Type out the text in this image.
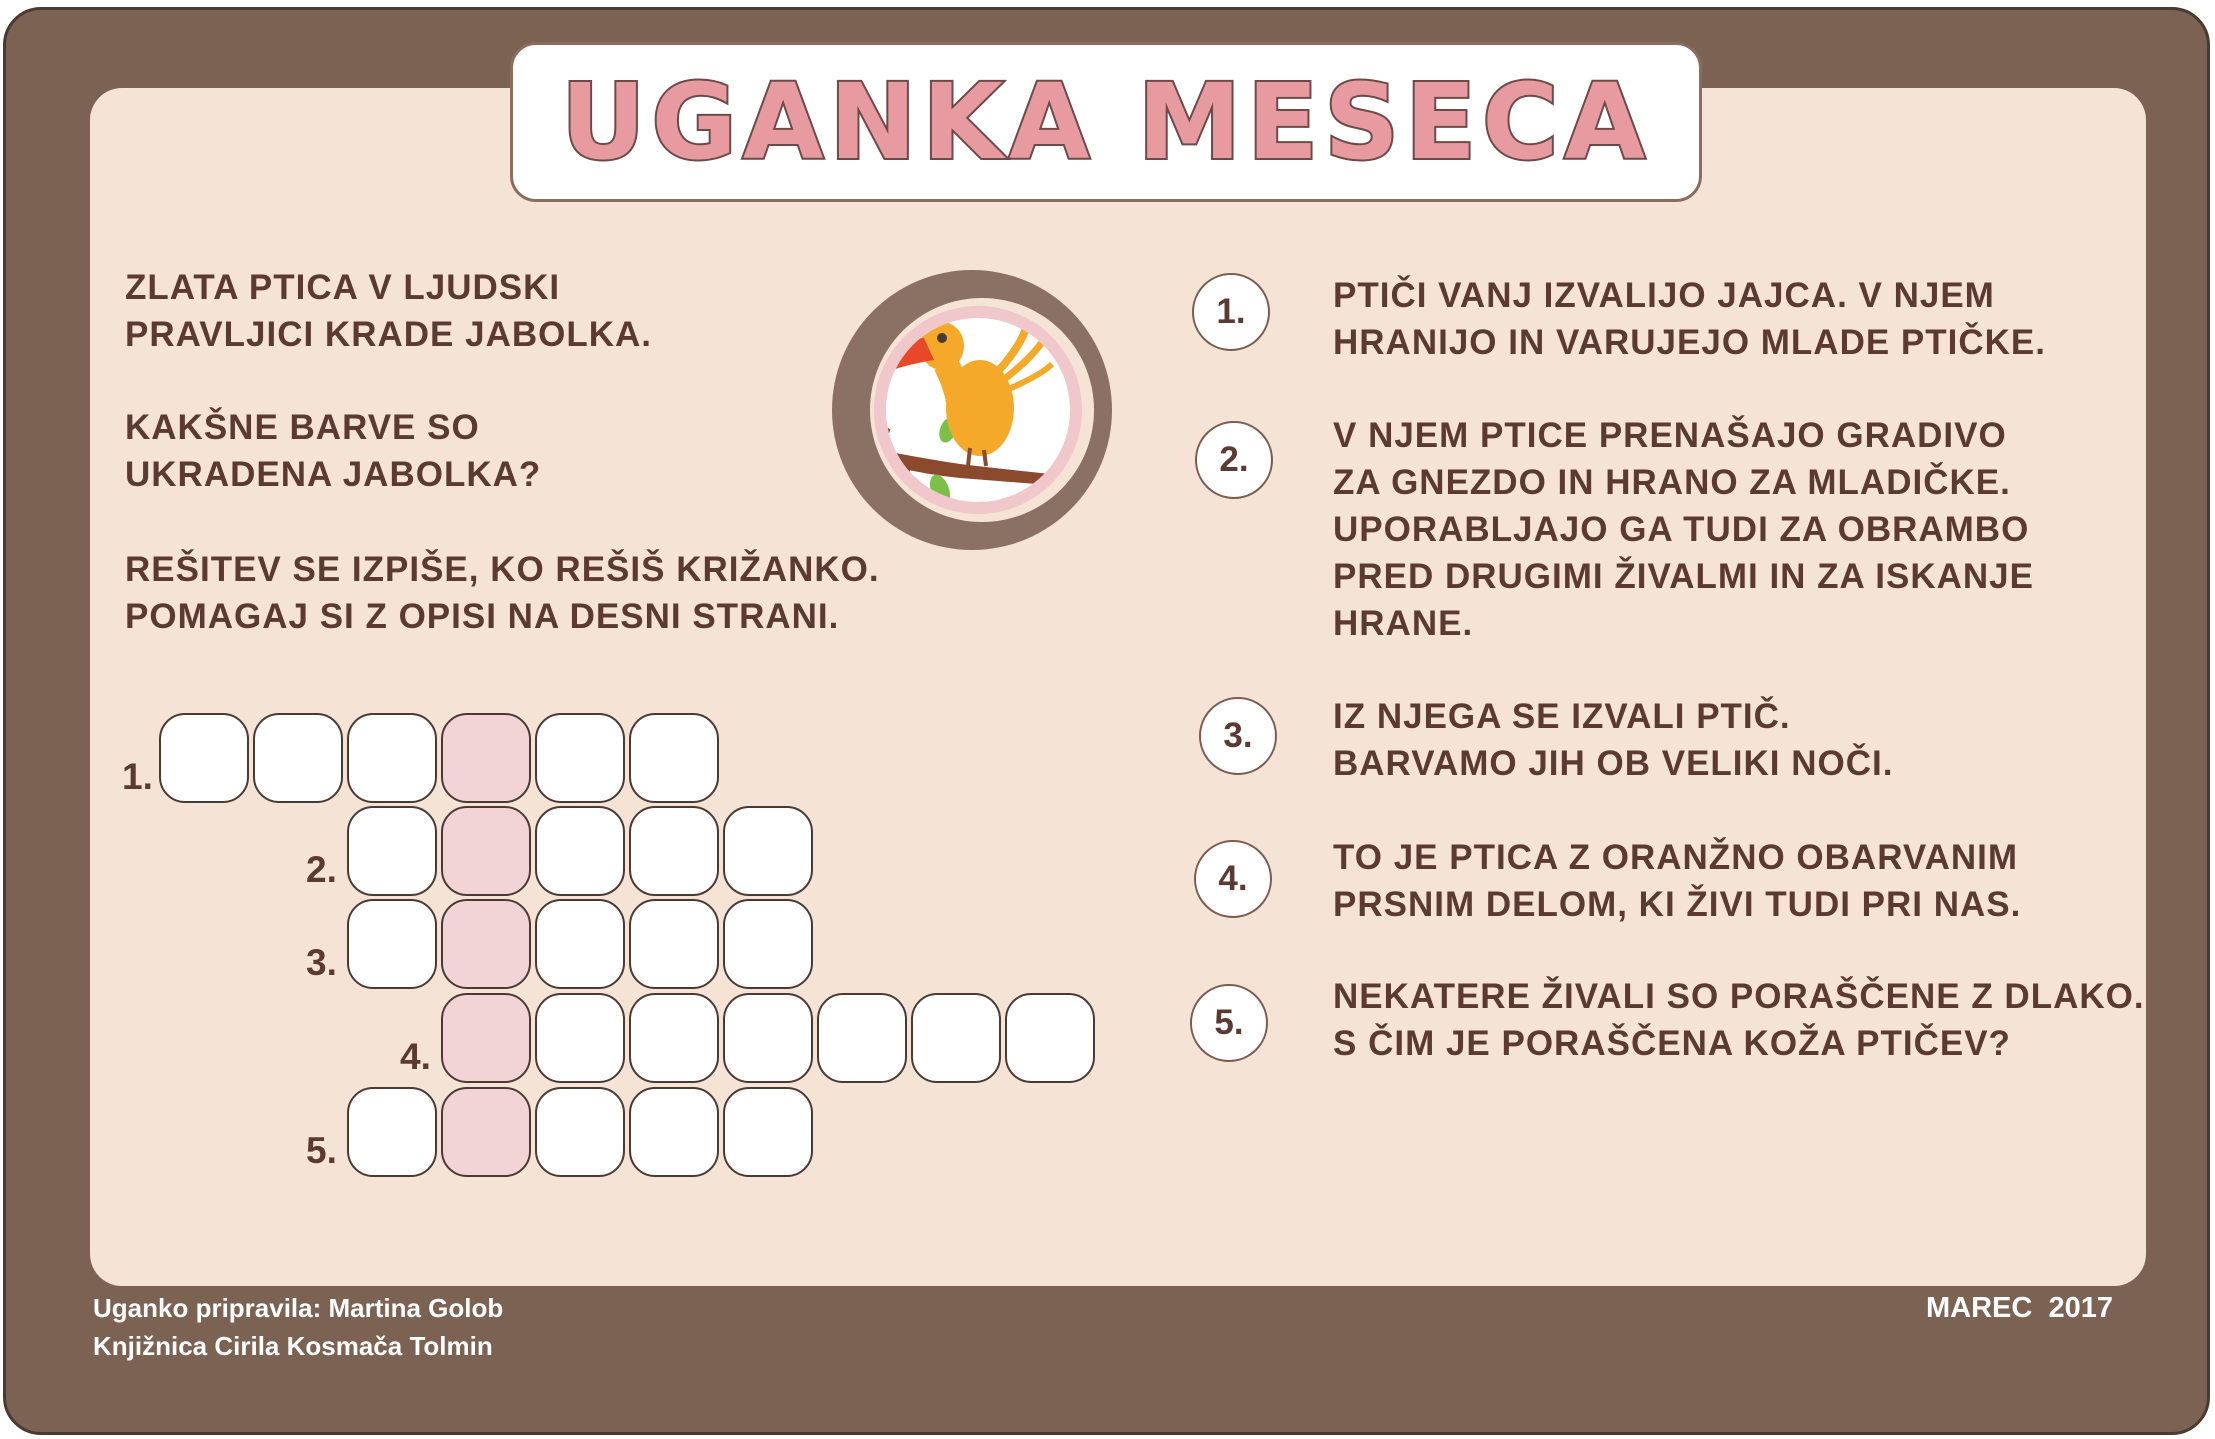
UGANKA MESECA
ZLATA PTICA V LJUDSKI
PRAVLJICI KRADE JABOLKA.
KAKŠNE BARVE SO
UKRADENA JABOLKA?
REŠITEV SE IZPIŠE, KO REŠIŠ KRIŽANKO.
POMAGAJ SI Z OPISI NA DESNI STRANI.
1.
2.
3.
4.
5.
1.	PTIČI VANJ IZVALIJO JAJCA. V NJEM
HRANIJO IN VARUJEJO MLADE PTIČKE.
2.
V NJEM PTICE PRENAŠAJO GRADIVO
ZA GNEZDO IN HRANO ZA MLADIČKE.
UPORABLJAJO GA TUDI ZA OBRAMBO
PRED DRUGIMI ŽIVALMI IN ZA ISKANJE
HRANE.
3.	IZ NJEGA SE IZVALI PTIČ.
BARVAMO JIH OB VELIKI NOČI.
4.
TO JE PTICA Z ORANŽNO OBARVANIM
PRSNIM DELOM, KI ŽIVI TUDI PRI NAS.
5.
NEKATERE ŽIVALI SO PORAŠČENE Z DLAKO.
S ČIM JE PORAŠČENA KOŽA PTIČEV?
Uganko pripravila: Martina Golob
Knjižnica Cirila Kosmača Tolmin
MAREC  2017
